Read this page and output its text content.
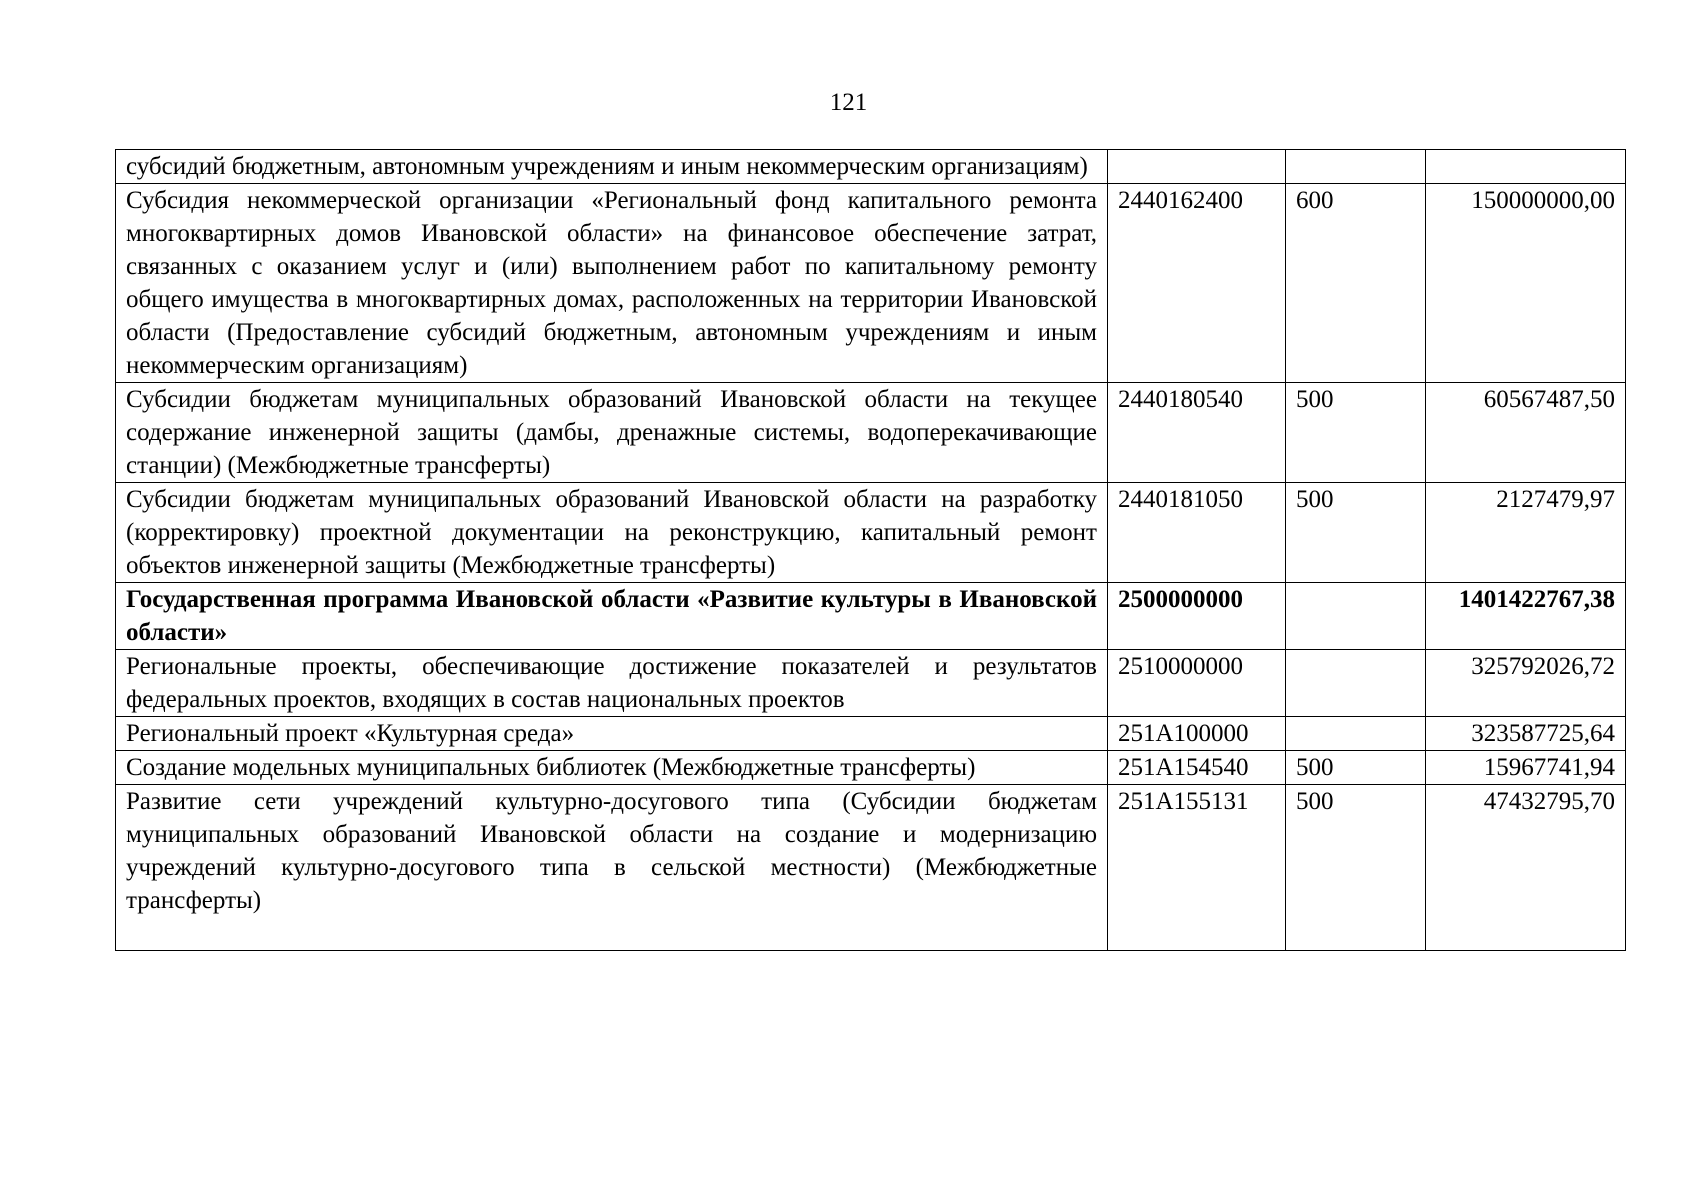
121
субсидий бюджетным, автономным учреждениям и иным некоммерческим организациям)			
Субсидия некоммерческой организации «Региональный фонд капитального ремонта многоквартирных домов Ивановской области» на финансовое обеспечение затрат, связанных с оказанием услуг и (или) выполнением работ по капитальному ремонту общего имущества в многоквартирных домах, расположенных на территории Ивановской области (Предоставление субсидий бюджетным, автономным учреждениям и иным некоммерческим организациям)	2440162400	600	150000000,00
Субсидии бюджетам муниципальных образований Ивановской области на текущее содержание инженерной защиты (дамбы, дренажные системы, водоперекачивающие станции) (Межбюджетные трансферты)	2440180540	500	60567487,50
Субсидии бюджетам муниципальных образований Ивановской области на разработку (корректировку) проектной документации на реконструкцию, капитальный ремонт объектов инженерной защиты (Межбюджетные трансферты)	2440181050	500	2127479,97
Государственная программа Ивановской области «Развитие культуры в Ивановской области»	2500000000		1401422767,38
Региональные проекты, обеспечивающие достижение показателей и результатов федеральных проектов, входящих в состав национальных проектов	2510000000		325792026,72
Региональный проект «Культурная среда»	251A100000		323587725,64
Создание модельных муниципальных библиотек (Межбюджетные трансферты)	251A154540	500	15967741,94
Развитие сети учреждений культурно-досугового типа (Субсидии бюджетам муниципальных образований Ивановской области на создание и модернизацию учреждений культурно-досугового типа в сельской местности) (Межбюджетные трансферты)	251A155131	500	47432795,70
